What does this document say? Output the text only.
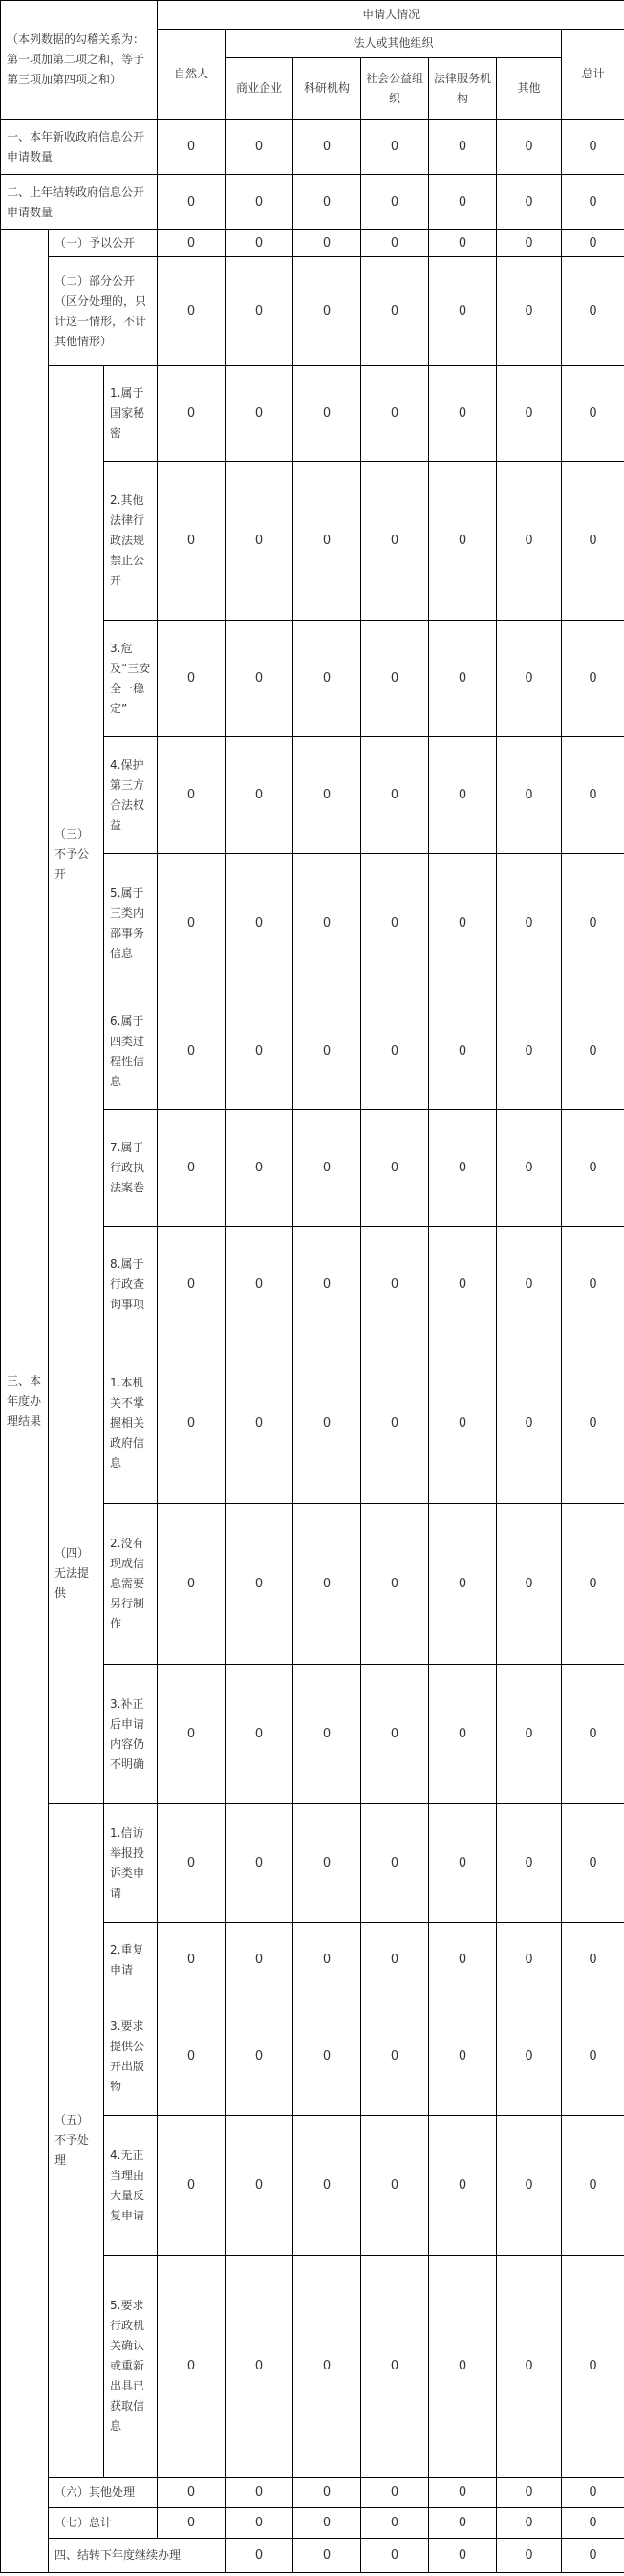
（本列数据的勾稽关系为：第一项加第二项之和，等于第三项加第四项之和）			申请人情况							
			自然人	法人或其他组织					总计	
				商业企业	科研机构	社会公益组织	法律服务机构	其他		
一、本年新收政府信息公开申请数量			0	0	0	0	0	0	0	
二、上年结转政府信息公开申请数量			0	0	0	0	0	0	0	
三、本年度办理结果	（一）予以公开		0	0	0	0	0	0	0	
	（二）部分公开（区分处理的，只计这一情形，不计其他情形）		0	0	0	0	0	0	0	
	（三）不予公开	1.属于国家秘密	0	0	0	0	0	0	0	
		2.其他法律行政法规禁止公开	0	0	0	0	0	0	0	
		3.危及“三安全一稳定”	0	0	0	0	0	0	0	
		4.保护第三方合法权益	0	0	0	0	0	0	0	
		5.属于三类内部事务信息	0	0	0	0	0	0	0	
		6.属于四类过程性信息	0	0	0	0	0	0	0	
		7.属于行政执法案卷	0	0	0	0	0	0	0	
		8.属于行政查询事项	0	0	0	0	0	0	0	
	（四）无法提供	1.本机关不掌握相关政府信息	0	0	0	0	0	0	0	
		2.没有现成信息需要另行制作	0	0	0	0	0	0	0	
		3.补正后申请内容仍不明确	0	0	0	0	0	0	0	
	（五）不予处理	1.信访举报投诉类申请	0	0	0	0	0	0	0	
		2.重复申请	0	0	0	0	0	0	0	
		3.要求提供公开出版物	0	0	0	0	0	0	0	
		4.无正当理由大量反复申请	0	0	0	0	0	0	0	
		5.要求行政机关确认或重新出具已获取信息	0	0	0	0	0	0	0	
	（六）其他处理		0	0	0	0	0	0	0	
	（七）总计		0	0	0	0	0	0	0	
	四、结转下年度继续办理			0	0	0	0	0	0	
